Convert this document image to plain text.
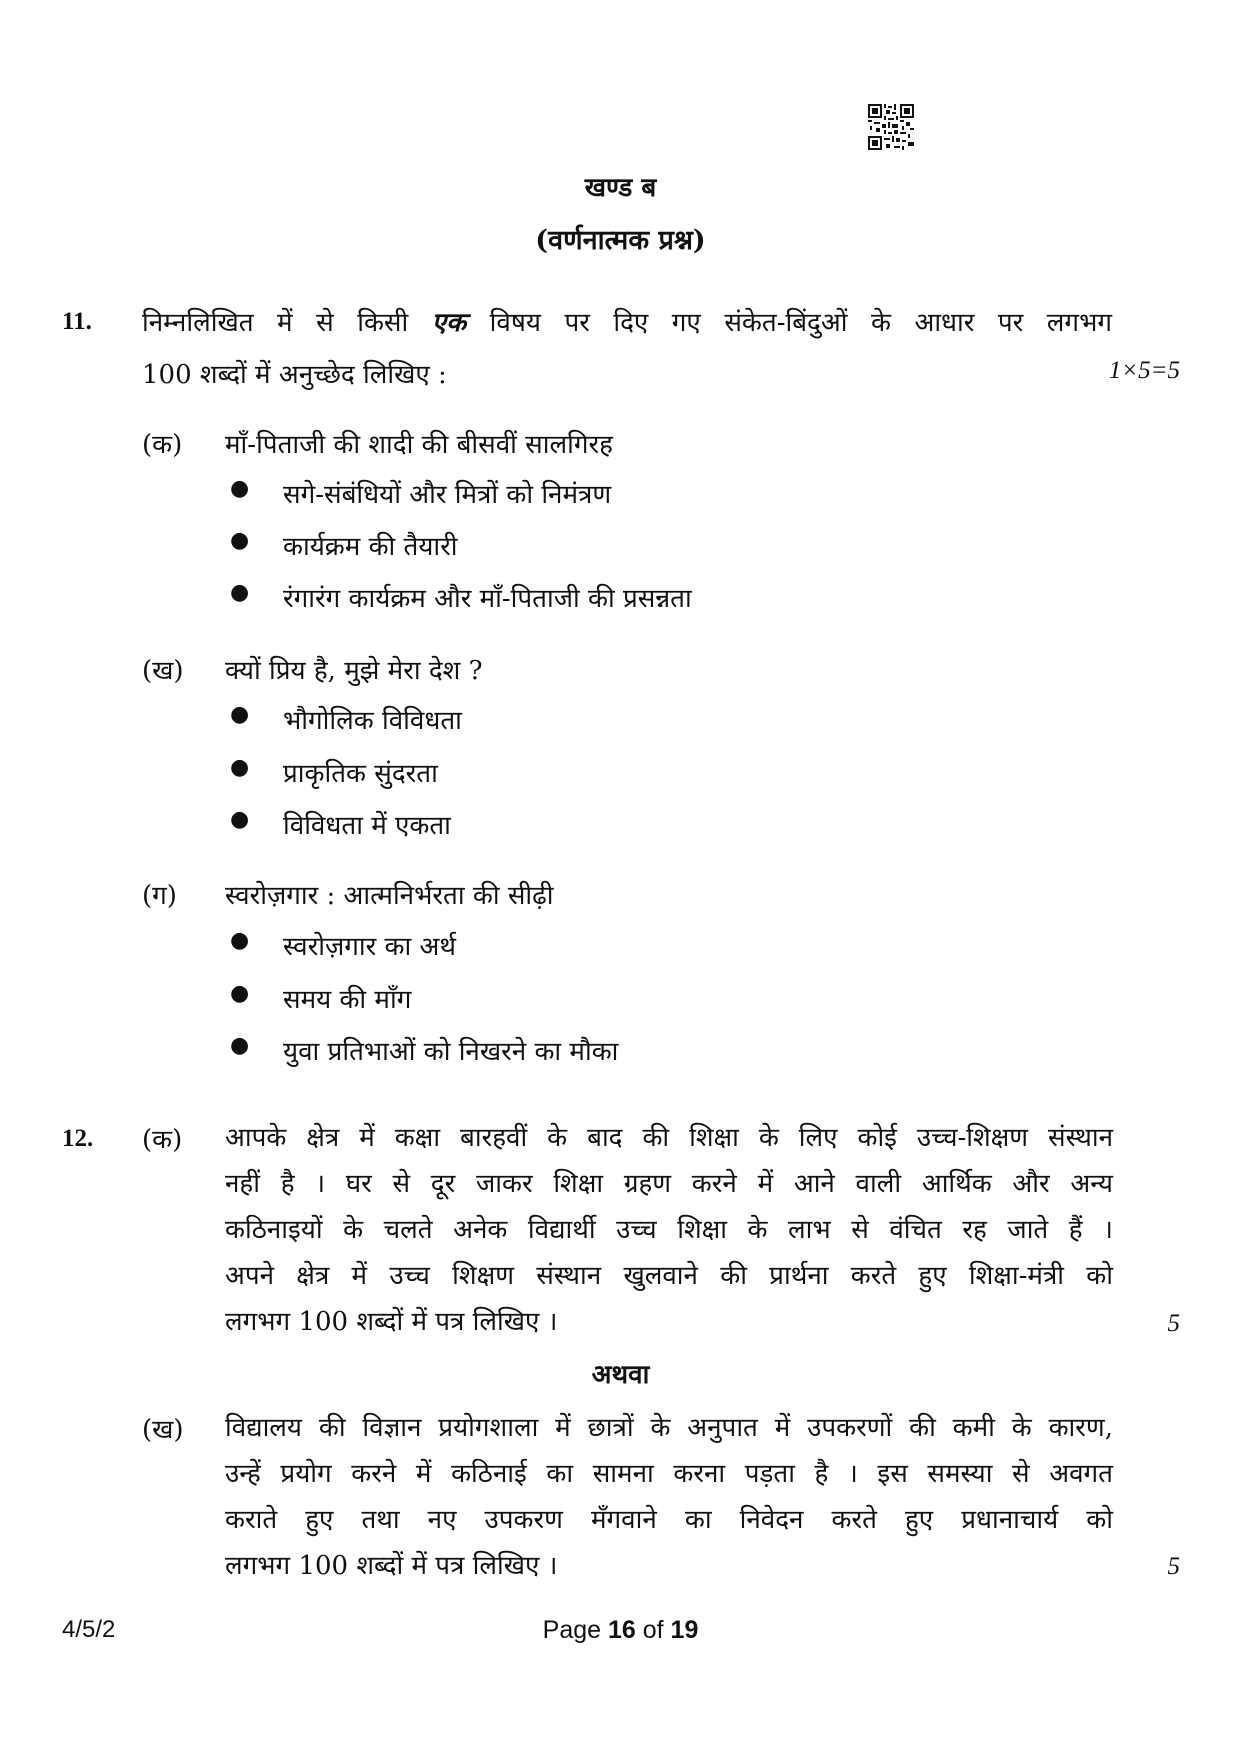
खण्ड ब
(वर्णनात्मक प्रश्न)
11. निम्नलिखित में से किसी एक विषय पर दिए गए संकेत-बिंदुओं के आधार पर लगभग
100 शब्दों में अनुच्छेद लिखिए :	1×5=5
(क) माँ-पिताजी की शादी की बीसवीं सालगिरह
● सगे-संबंधियों और मित्रों को निमंत्रण
● कार्यक्रम की तैयारी
● रंगारंग कार्यक्रम और माँ-पिताजी की प्रसन्नता
(ख) क्यों प्रिय है, मुझे मेरा देश ?
● भौगोलिक विविधता
● प्राकृतिक सुंदरता
● विविधता में एकता
(ग) स्वरोज़गार : आत्मनिर्भरता की सीढ़ी
● स्वरोज़गार का अर्थ
● समय की माँग
● युवा प्रतिभाओं को निखरने का मौका
12. (क) आपके क्षेत्र में कक्षा बारहवीं के बाद की शिक्षा के लिए कोई उच्च-शिक्षण संस्थान
नहीं है । घर से दूर जाकर शिक्षा ग्रहण करने में आने वाली आर्थिक और अन्य
कठिनाइयों के चलते अनेक विद्यार्थी उच्च शिक्षा के लाभ से वंचित रह जाते हैं ।
अपने क्षेत्र में उच्च शिक्षण संस्थान खुलवाने की प्रार्थना करते हुए शिक्षा-मंत्री को
लगभग 100 शब्दों में पत्र लिखिए ।	5
अथवा
(ख) विद्यालय की विज्ञान प्रयोगशाला में छात्रों के अनुपात में उपकरणों की कमी के कारण,
उन्हें प्रयोग करने में कठिनाई का सामना करना पड़ता है । इस समस्या से अवगत
कराते हुए तथा नए उपकरण मँगवाने का निवेदन करते हुए प्रधानाचार्य को
लगभग 100 शब्दों में पत्र लिखिए ।	5
4/5/2	Page 16 of 19
